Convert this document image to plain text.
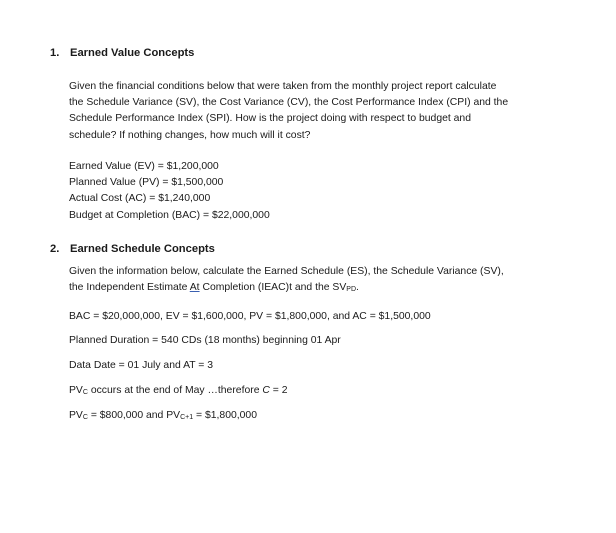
1. Earned Value Concepts
Given the financial conditions below that were taken from the monthly project report calculate
the Schedule Variance (SV), the Cost Variance (CV), the Cost Performance Index (CPI) and the
Schedule Performance Index (SPI). How is the project doing with respect to budget and
schedule? If nothing changes, how much will it cost?
Earned Value (EV) = $1,200,000
Planned Value (PV) = $1,500,000
Actual Cost (AC) = $1,240,000
Budget at Completion (BAC) = $22,000,000
2. Earned Schedule Concepts
Given the information below, calculate the Earned Schedule (ES), the Schedule Variance (SV),
the Independent Estimate At Completion (IEAC)t and the $SV_{PD}$.
BAC = $20,000,000, EV = $1,600,000, PV = $1,800,000, and AC = $1,500,000
Planned Duration = 540 CDs (18 months) beginning 01 Apr
Data Date = 01 July and AT = 3
$PV_C$ occurs at the end of May …therefore C = 2
$PV_C$ = $800,000 and $PV_{C+1}$ = $1,800,000
